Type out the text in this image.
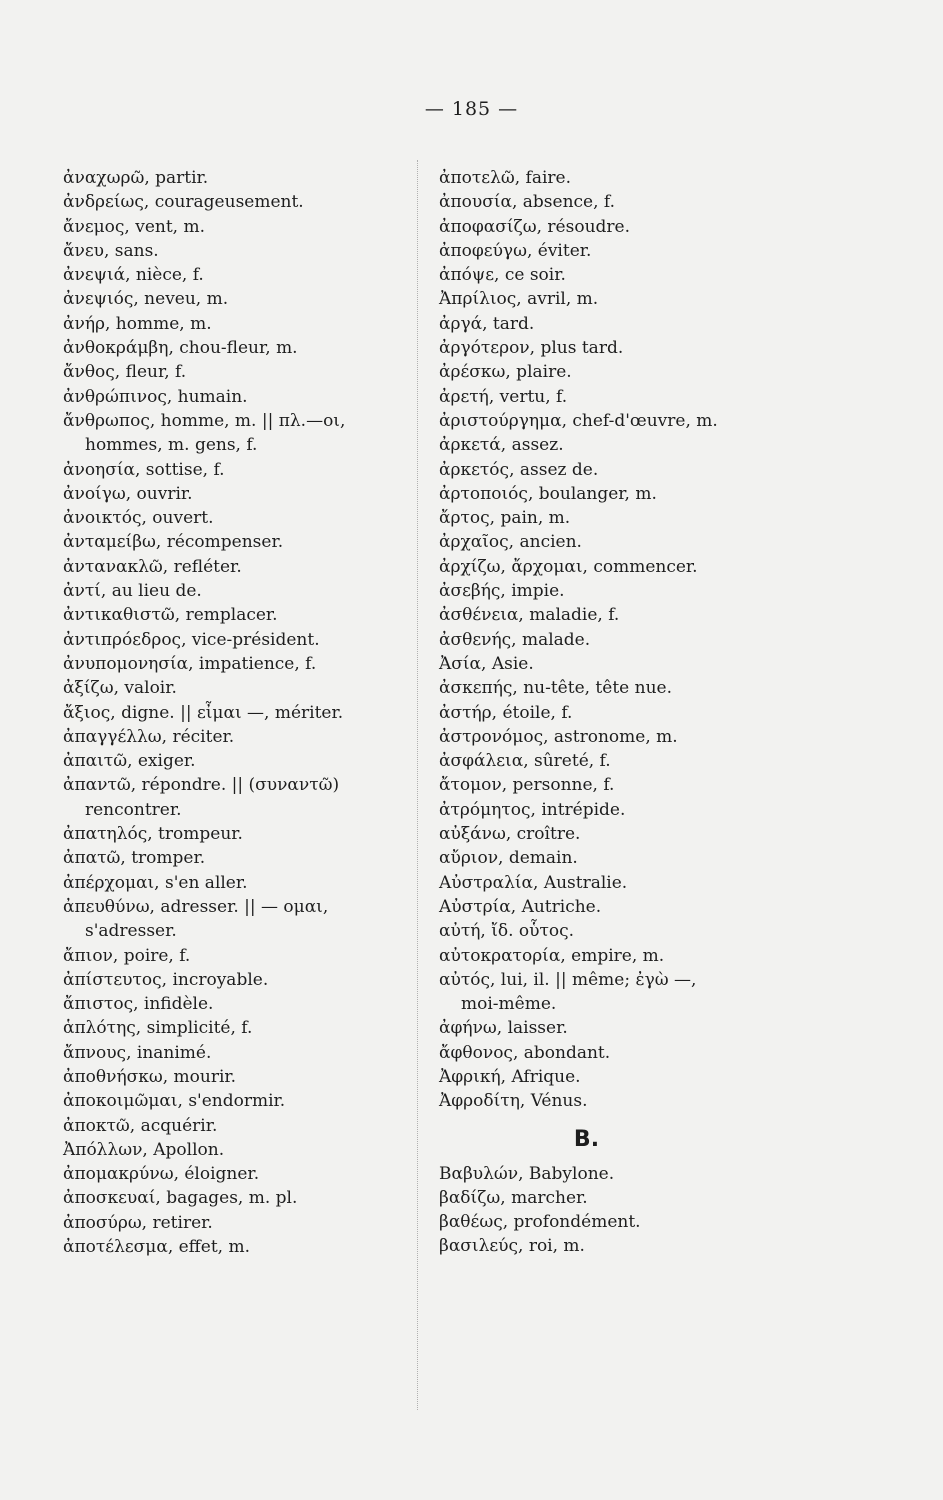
— 185 —
ἀναχωρῶ, partir.
ἀνδρείως, courageusement.
ἄνεμος, vent, m.
ἄνευ, sans.
ἀνεψιά, nièce, f.
ἀνεψιός, neveu, m.
ἀνήρ, homme, m.
ἀνθοκράμβη, chou-fleur, m.
ἄνθος, fleur, f.
ἀνθρώπινος, humain.
ἄνθρωπος, homme, m. || πλ.—οι,
hommes, m. gens, f.
ἀνοησία, sottise, f.
ἀνοίγω, ouvrir.
ἀνοικτός, ouvert.
ἀνταμείβω, récompenser.
ἀντανακλῶ, refléter.
ἀντί, au lieu de.
ἀντικαθιστῶ, remplacer.
ἀντιπρόεδρος, vice-président.
ἀνυπομονησία, impatience, f.
ἀξίζω, valoir.
ἄξιος, digne. || εἶμαι —, mériter.
ἀπαγγέλλω, réciter.
ἀπαιτῶ, exiger.
ἀπαντῶ, répondre. || (συναντῶ)
rencontrer.
ἀπατηλός, trompeur.
ἀπατῶ, tromper.
ἀπέρχομαι, s'en aller.
ἀπευθύνω, adresser. || — ομαι,
s'adresser.
ἄπιον, poire, f.
ἀπίστευτος, incroyable.
ἄπιστος, infidèle.
ἁπλότης, simplicité, f.
ἄπνους, inanimé.
ἀποθνήσκω, mourir.
ἀποκοιμῶμαι, s'endormir.
ἀποκτῶ, acquérir.
Ἀπόλλων, Apollon.
ἀπομακρύνω, éloigner.
ἀποσκευαί, bagages, m. pl.
ἀποσύρω, retirer.
ἀποτέλεσμα, effet, m.
ἀποτελῶ, faire.
ἀπουσία, absence, f.
ἀποφασίζω, résoudre.
ἀποφεύγω, éviter.
ἀπόψε, ce soir.
Ἀπρίλιος, avril, m.
ἀργά, tard.
ἀργότερον, plus tard.
ἀρέσκω, plaire.
ἀρετή, vertu, f.
ἀριστούργημα, chef-d'œuvre, m.
ἀρκετά, assez.
ἀρκετός, assez de.
ἀρτοποιός, boulanger, m.
ἄρτος, pain, m.
ἀρχαῖος, ancien.
ἀρχίζω, ἄρχομαι, commencer.
ἀσεβής, impie.
ἀσθένεια, maladie, f.
ἀσθενής, malade.
Ἀσία, Asie.
ἀσκεπής, nu-tête, tête nue.
ἀστήρ, étoile, f.
ἀστρονόμος, astronome, m.
ἀσφάλεια, sûreté, f.
ἄτομον, personne, f.
ἀτρόμητος, intrépide.
αὐξάνω, croître.
αὔριον, demain.
Αὐστραλία, Australie.
Αὐστρία, Autriche.
αὐτή, ἴδ. οὗτος.
αὐτοκρατορία, empire, m.
αὐτός, lui, il. || même; ἐγὼ —,
moi-même.
ἀφήνω, laisser.
ἄφθονος, abondant.
Ἀφρική, Afrique.
Ἀφροδίτη, Vénus.
B.
Βαβυλών, Babylone.
βαδίζω, marcher.
βαθέως, profondément.
βασιλεύς, roi, m.
